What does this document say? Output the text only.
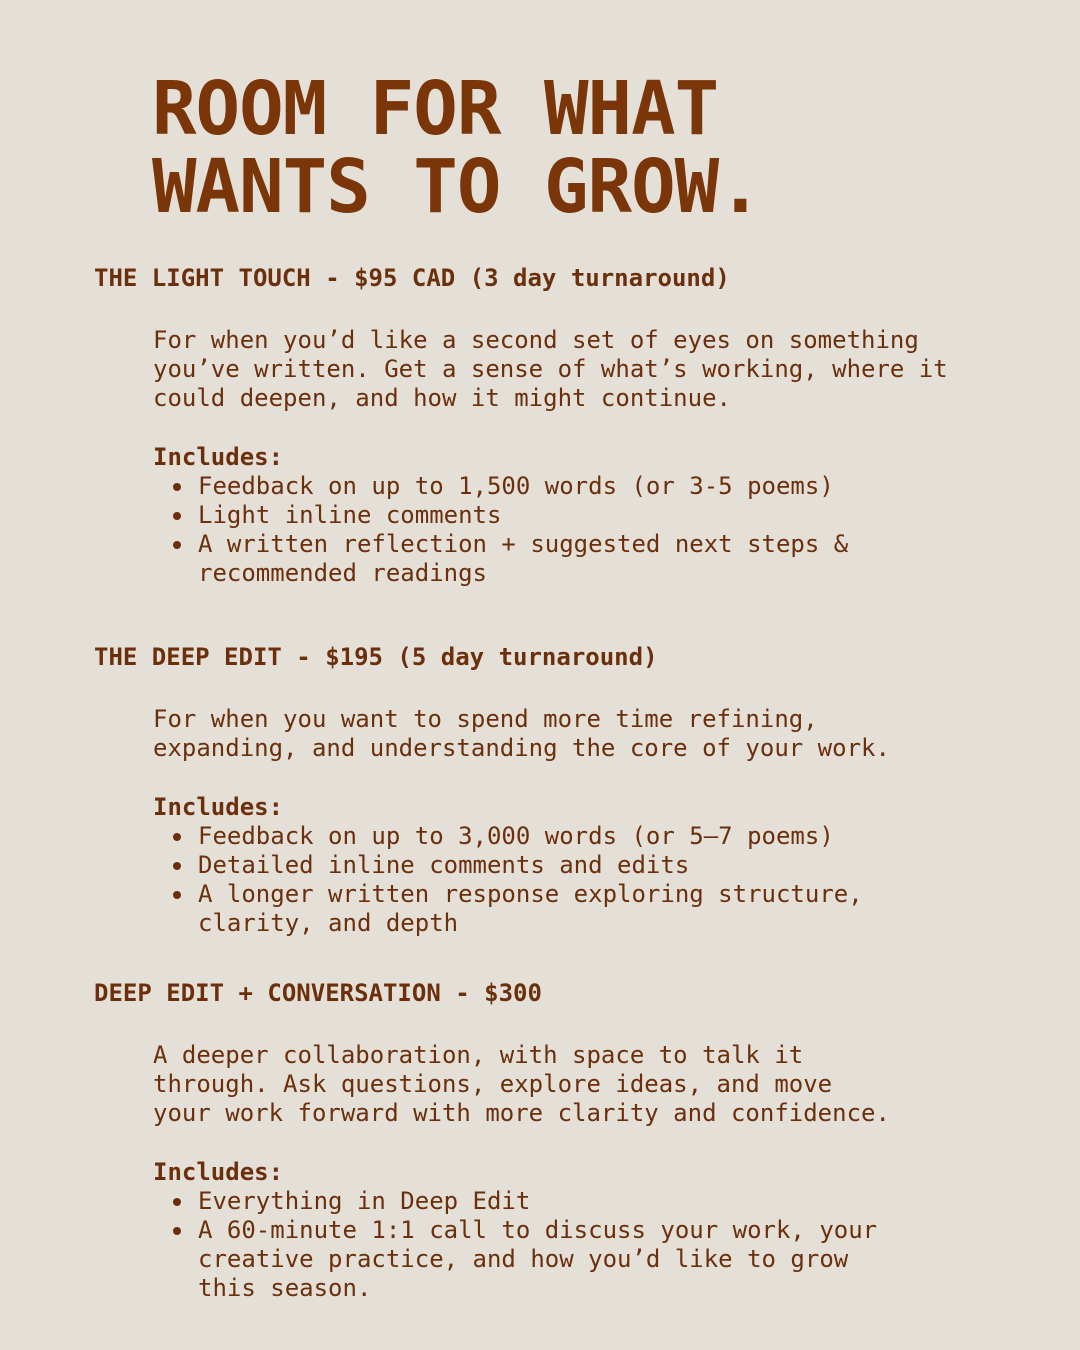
ROOM FOR WHAT
WANTS TO GROW.
THE LIGHT TOUCH - $95 CAD (3 day turnaround)

For when you’d like a second set of eyes on something
you’ve written. Get a sense of what’s working, where it
could deepen, and how it might continue.

Includes:
Feedback on up to 1,500 words (or 3-5 poems)
Light inline comments
A written reflection + suggested next steps &
recommended readings
THE DEEP EDIT - $195 (5 day turnaround)

For when you want to spend more time refining,
expanding, and understanding the core of your work.

Includes:
Feedback on up to 3,000 words (or 5–7 poems)
Detailed inline comments and edits
A longer written response exploring structure,
clarity, and depth
DEEP EDIT + CONVERSATION - $300

A deeper collaboration, with space to talk it
through. Ask questions, explore ideas, and move
your work forward with more clarity and confidence.

Includes:
Everything in Deep Edit
A 60-minute 1:1 call to discuss your work, your
creative practice, and how you’d like to grow
this season.
